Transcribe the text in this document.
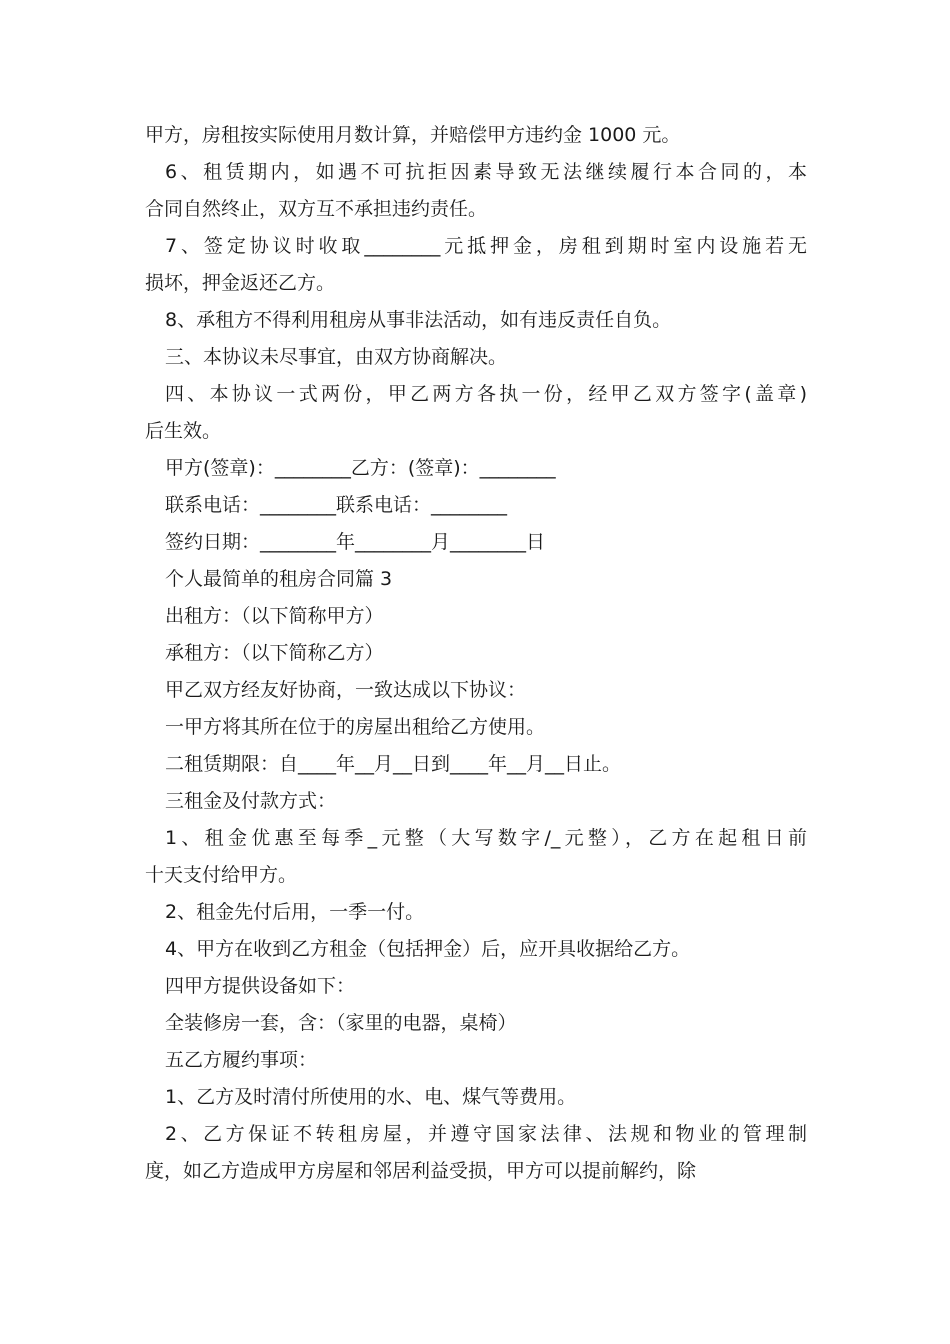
甲方，房租按实际使用月数计算，并赔偿甲方违约金 1000 元。
6、租赁期内，如遇不可抗拒因素导致无法继续履行本合同的，本
合同自然终止，双方互不承担违约责任。
7、签定协议时收取________元抵押金，房租到期时室内设施若无
损坏，押金返还乙方。
8、承租方不得利用租房从事非法活动，如有违反责任自负。
三、本协议未尽事宜，由双方协商解决。
四、本协议一式两份，甲乙两方各执一份，经甲乙双方签字(盖章)
后生效。
甲方(签章)：________乙方：(签章)：________
联系电话：________联系电话：________
签约日期：________年________月________日
个人最简单的租房合同篇 3
出租方：（以下简称甲方）
承租方：（以下简称乙方）
甲乙双方经友好协商，一致达成以下协议：
一甲方将其所在位于的房屋出租给乙方使用。
二租赁期限：自____年__月__日到____年__月__日止。
三租金及付款方式：
1、租金优惠至每季_元整（大写数字/_元整），乙方在起租日前
十天支付给甲方。
2、租金先付后用，一季一付。
4、甲方在收到乙方租金（包括押金）后，应开具收据给乙方。
四甲方提供设备如下：
全装修房一套，含：（家里的电器，桌椅）
五乙方履约事项：
1、乙方及时清付所使用的水、电、煤气等费用。
2、乙方保证不转租房屋，并遵守国家法律、法规和物业的管理制
度，如乙方造成甲方房屋和邻居利益受损，甲方可以提前解约，除
